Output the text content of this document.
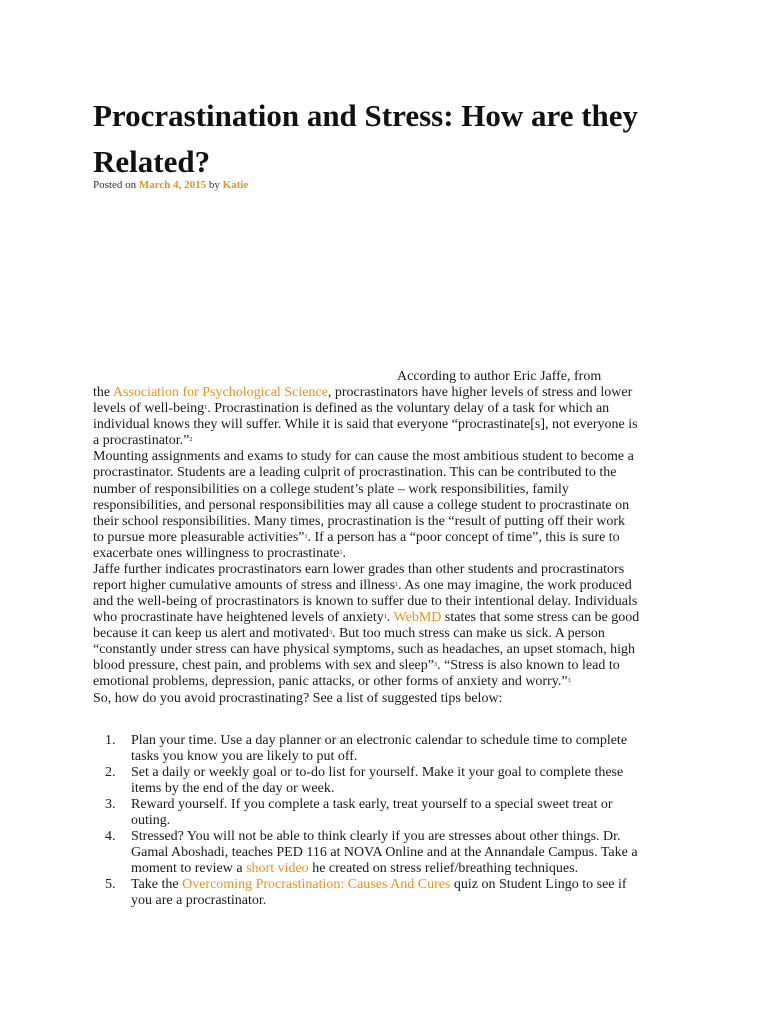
Procrastination and Stress: How are they Related?
Posted on March 4, 2015 by Katie
According to author Eric Jaffe, from
the Association for Psychological Science, procrastinators have higher levels of stress and lower
levels of well-being$^1$. Procrastination is defined as the voluntary delay of a task for which an
individual knows they will suffer. While it is said that everyone “procrastinate[s], not everyone is
a procrastinator.”$^2$
Mounting assignments and exams to study for can cause the most ambitious student to become a
procrastinator. Students are a leading culprit of procrastination. This can be contributed to the
number of responsibilities on a college student’s plate – work responsibilities, family
responsibilities, and personal responsibilities may all cause a college student to procrastinate on
their school responsibilities. Many times, procrastination is the “result of putting off their work
to pursue more pleasurable activities”$^1$. If a person has a “poor concept of time”, this is sure to
exacerbate ones willingness to procrastinate$^1$.
Jaffe further indicates procrastinators earn lower grades than other students and procrastinators
report higher cumulative amounts of stress and illness$^1$. As one may imagine, the work produced
and the well-being of procrastinators is known to suffer due to their intentional delay. Individuals
who procrastinate have heightened levels of anxiety$^1$. WebMD states that some stress can be good
because it can keep us alert and motivated$^3$. But too much stress can make us sick. A person
“constantly under stress can have physical symptoms, such as headaches, an upset stomach, high
blood pressure, chest pain, and problems with sex and sleep”$^3$. “Stress is also known to lead to
emotional problems, depression, panic attacks, or other forms of anxiety and worry.”$^3$
So, how do you avoid procrastinating? See a list of suggested tips below:
1. Plan your time. Use a day planner or an electronic calendar to schedule time to complete
tasks you know you are likely to put off.
2. Set a daily or weekly goal or to-do list for yourself. Make it your goal to complete these
items by the end of the day or week.
3. Reward yourself. If you complete a task early, treat yourself to a special sweet treat or
outing.
4. Stressed? You will not be able to think clearly if you are stresses about other things. Dr.
Gamal Aboshadi, teaches PED 116 at NOVA Online and at the Annandale Campus. Take a
moment to review a short video he created on stress relief/breathing techniques.
5. Take the Overcoming Procrastination: Causes And Cures quiz on Student Lingo to see if
you are a procrastinator.
